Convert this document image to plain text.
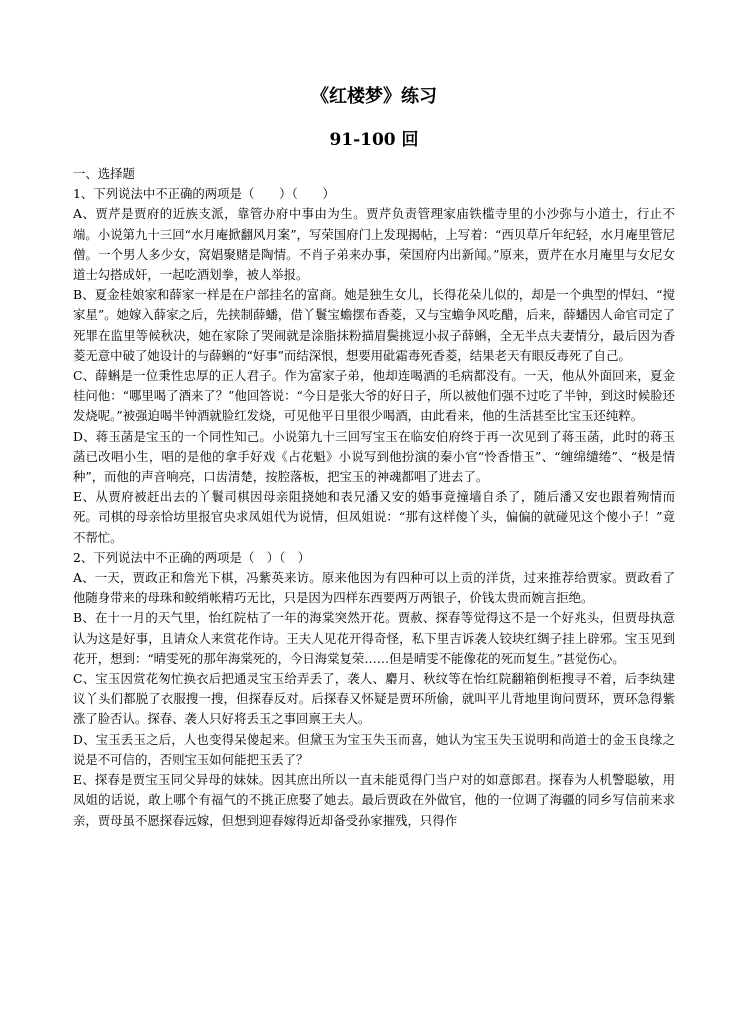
《红楼梦》练习
91-100 回

一、选择题

1、下列说法中不正确的两项是（　　）（　　）

A、贾芹是贾府的近族支派，靠管办府中事由为生。贾芹负责管理家庙铁槛寺里的小沙弥与小道士，行止不端。小说第九十三回“水月庵掀翻风月案”，写荣国府门上发现揭帖，上写着：“西贝草斤年纪轻，水月庵里管尼僧。一个男人多少女，窝娼聚赌是陶情。不肖子弟来办事，荣国府内出新闻。”原来，贾芹在水月庵里与女尼女道士勾搭成奸，一起吃酒划拳，被人举报。

B、夏金桂娘家和薛家一样是在户部挂名的富商。她是独生女儿，长得花朵儿似的，却是一个典型的悍妇、“搅家星”。她嫁入薛家之后，先挟制薛蟠，借丫鬟宝蟾摆布香菱，又与宝蟾争风吃醋，后来，薛蟠因人命官司定了死罪在监里等候秋决，她在家除了哭闹就是涂脂抹粉描眉鬓挑逗小叔子薛蝌，全无半点夫妻情分，最后因为香菱无意中破了她设计的与薛蝌的“好事”而结深恨，想要用砒霜毒死香菱，结果老天有眼反毒死了自己。

C、薛蝌是一位秉性忠厚的正人君子。作为富家子弟，他却连喝酒的毛病都没有。一天，他从外面回来，夏金桂问他：“哪里喝了酒来了？”他回答说：“今日是张大爷的好日子，所以被他们强不过吃了半钟，到这时候脸还发烧呢。”被强迫喝半钟酒就脸红发烧，可见他平日里很少喝酒，由此看来，他的生活甚至比宝玉还纯粹。

D、蒋玉菡是宝玉的一个同性知己。小说第九十三回写宝玉在临安伯府终于再一次见到了蒋玉菡，此时的蒋玉菡已改唱小生，唱的是他的拿手好戏《占花魁》小说写到他扮演的秦小官“怜香惜玉”、“缠绵缱绻”、“极是情种”，而他的声音响亮，口齿清楚，按腔落板，把宝玉的神魂都唱了进去了。

E、从贾府被赶出去的丫鬟司棋因母亲阻挠她和表兄潘又安的婚事竟撞墙自杀了，随后潘又安也跟着殉情而死。司棋的母亲恰坊里报官央求凤姐代为说情，但凤姐说：“那有这样傻丫头，偏偏的就碰见这个傻小子！”竟不帮忙。

2、下列说法中不正确的两项是（　）（　）

A、一天，贾政正和詹光下棋，冯紫英来访。原来他因为有四种可以上贡的洋货，过来推荐给贾家。贾政看了他随身带来的母珠和鲛绡帐精巧无比，只是因为四样东西要两万两银子，价钱太贵而婉言拒绝。

B、在十一月的天气里，怡红院枯了一年的海棠突然开花。贾赦、探春等觉得这不是一个好兆头，但贾母执意认为这是好事，且请众人来赏花作诗。王夫人见花开得奇怪，私下里吉诉袭人铰块红绸子挂上辟邪。宝玉见到花开，想到：“晴雯死的那年海棠死的，今日海棠复荣……但是晴雯不能像花的死而复生。”甚觉伤心。

C、宝玉因赏花匆忙换衣后把通灵宝玉给弄丢了，袭人、麝月、秋纹等在怡红院翻箱倒柜搜寻不着，后李纨建议丫头们都脱了衣服搜一搜，但探春反对。后探春又怀疑是贾环所偷，就叫平儿背地里询问贾环，贾环急得紫涨了脸否认。探春、袭人只好将丢玉之事回禀王夫人。

D、宝玉丢玉之后，人也变得呆傻起来。但黛玉为宝玉失玉而喜，她认为宝玉失玉说明和尚道士的金玉良缘之说是不可信的，否则宝玉如何能把玉丢了？

E、探春是贾宝玉同父异母的妹妹。因其庶出所以一直未能觅得门当户对的如意郎君。探春为人机警聪敏，用凤姐的话说，敢上哪个有福气的不挑正庶娶了她去。最后贾政在外做官，他的一位调了海疆的同乡写信前来求亲，贾母虽不愿探春远嫁，但想到迎春嫁得近却备受孙家摧残，只得作
